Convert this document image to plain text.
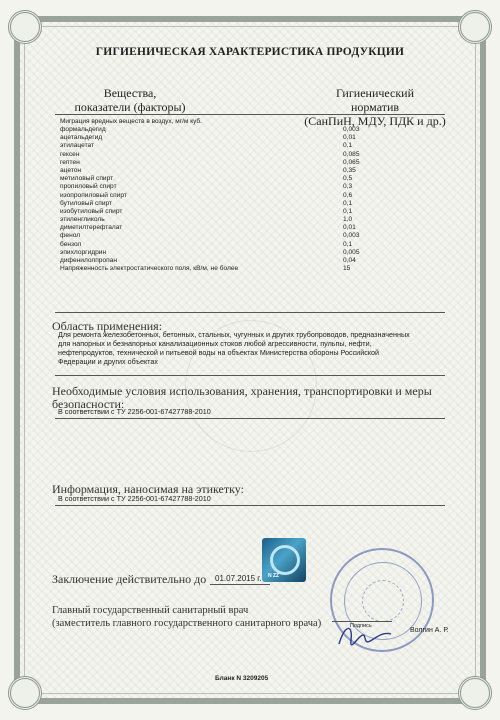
ГИГИЕНИЧЕСКАЯ ХАРАКТЕРИСТИКА ПРОДУКЦИИ
Вещества,
показатели (факторы)
Гигиенический
норматив
(СанПиН, МДУ, ПДК и др.)
Миграция вредных веществ в воздух, мг/м куб.
формальдегид	0,003
ацетальдегид	0,01
этилацетат	0,1
гексен	0,085
гептен	0,065
ацетон	0,35
метиловый спирт	0,5
пропиловый спирт	0,3
изопропиловый спирт	0,6
бутиловый спирт	0,1
изобутиловый спирт	0,1
этиленгликоль	1,0
диметилтерефталат	0,01
фенол	0,003
бензол	0,1
эпихлоргидрин	0,005
дифенилолпропан	0,04
Напряженность электростатического поля, кВ/м, не более	15
Область применения:
Для ремонта железобетонных, бетонных, стальных, чугунных и других трубопроводов, предназначенных
для напорных и безнапорных канализационных стоков любой агрессивности, пульпы, нефти,
нефтепродуктов, технической и питьевой воды на объектах Министерства обороны Российской
Федерации и других объектах
Необходимые условия использования, хранения, транспортировки и меры
безопасности:
В соответствии с ТУ 2256-001-67427788-2010
Информация, наносимая на этикетку:
В соответствии с ТУ 2256-001-67427788-2010
N ZZ
Заключение действительно до 01.07.2015 г.
Главный государственный санитарный врач
(заместитель главного государственного санитарного врача)	Подпись
Волгин А. Р.
Бланк N 3209205
